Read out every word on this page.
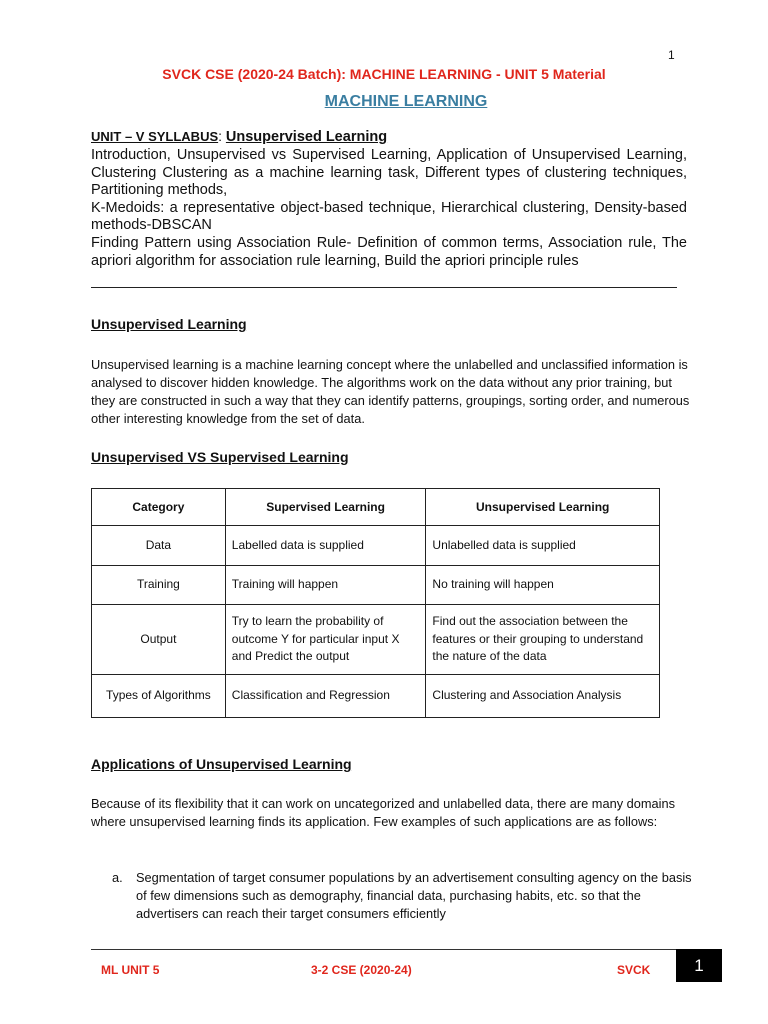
1
SVCK CSE (2020-24 Batch): MACHINE LEARNING - UNIT 5 Material
MACHINE LEARNING
UNIT – V SYLLABUS: Unsupervised Learning

Introduction, Unsupervised vs Supervised Learning, Application of Unsupervised Learning, Clustering Clustering as a machine learning task, Different types of clustering techniques, Partitioning methods,

K-Medoids: a representative object-based technique, Hierarchical clustering, Density-based methods-DBSCAN

Finding Pattern using Association Rule- Definition of common terms, Association rule, The apriori algorithm for association rule learning, Build the apriori principle rules

Unsupervised Learning

Unsupervised learning is a machine learning concept where the unlabelled and unclassified information is analysed to discover hidden knowledge. The algorithms work on the data without any prior training, but they are constructed in such a way that they can identify patterns, groupings, sorting order, and numerous other interesting knowledge from the set of data.

Unsupervised VS Supervised Learning
Category	Supervised Learning	Unsupervised Learning
Data	Labelled data is supplied	Unlabelled data is supplied
Training	Training will happen	No training will happen
Output	Try to learn the probability of outcome Y for particular input X and Predict the output	Find out the association between the features or their grouping to understand the nature of the data
Types of Algorithms	Classification and Regression	Clustering and Association Analysis
Applications of Unsupervised Learning

Because of its flexibility that it can work on uncategorized and unlabelled data, there are many domains where unsupervised learning finds its application. Few examples of such applications are as follows:

a. Segmentation of target consumer populations by an advertisement consulting agency on the basis of few dimensions such as demography, financial data, purchasing habits, etc. so that the advertisers can reach their target consumers efficiently
ML UNIT 5	3-2 CSE (2020-24)	SVCK	1
